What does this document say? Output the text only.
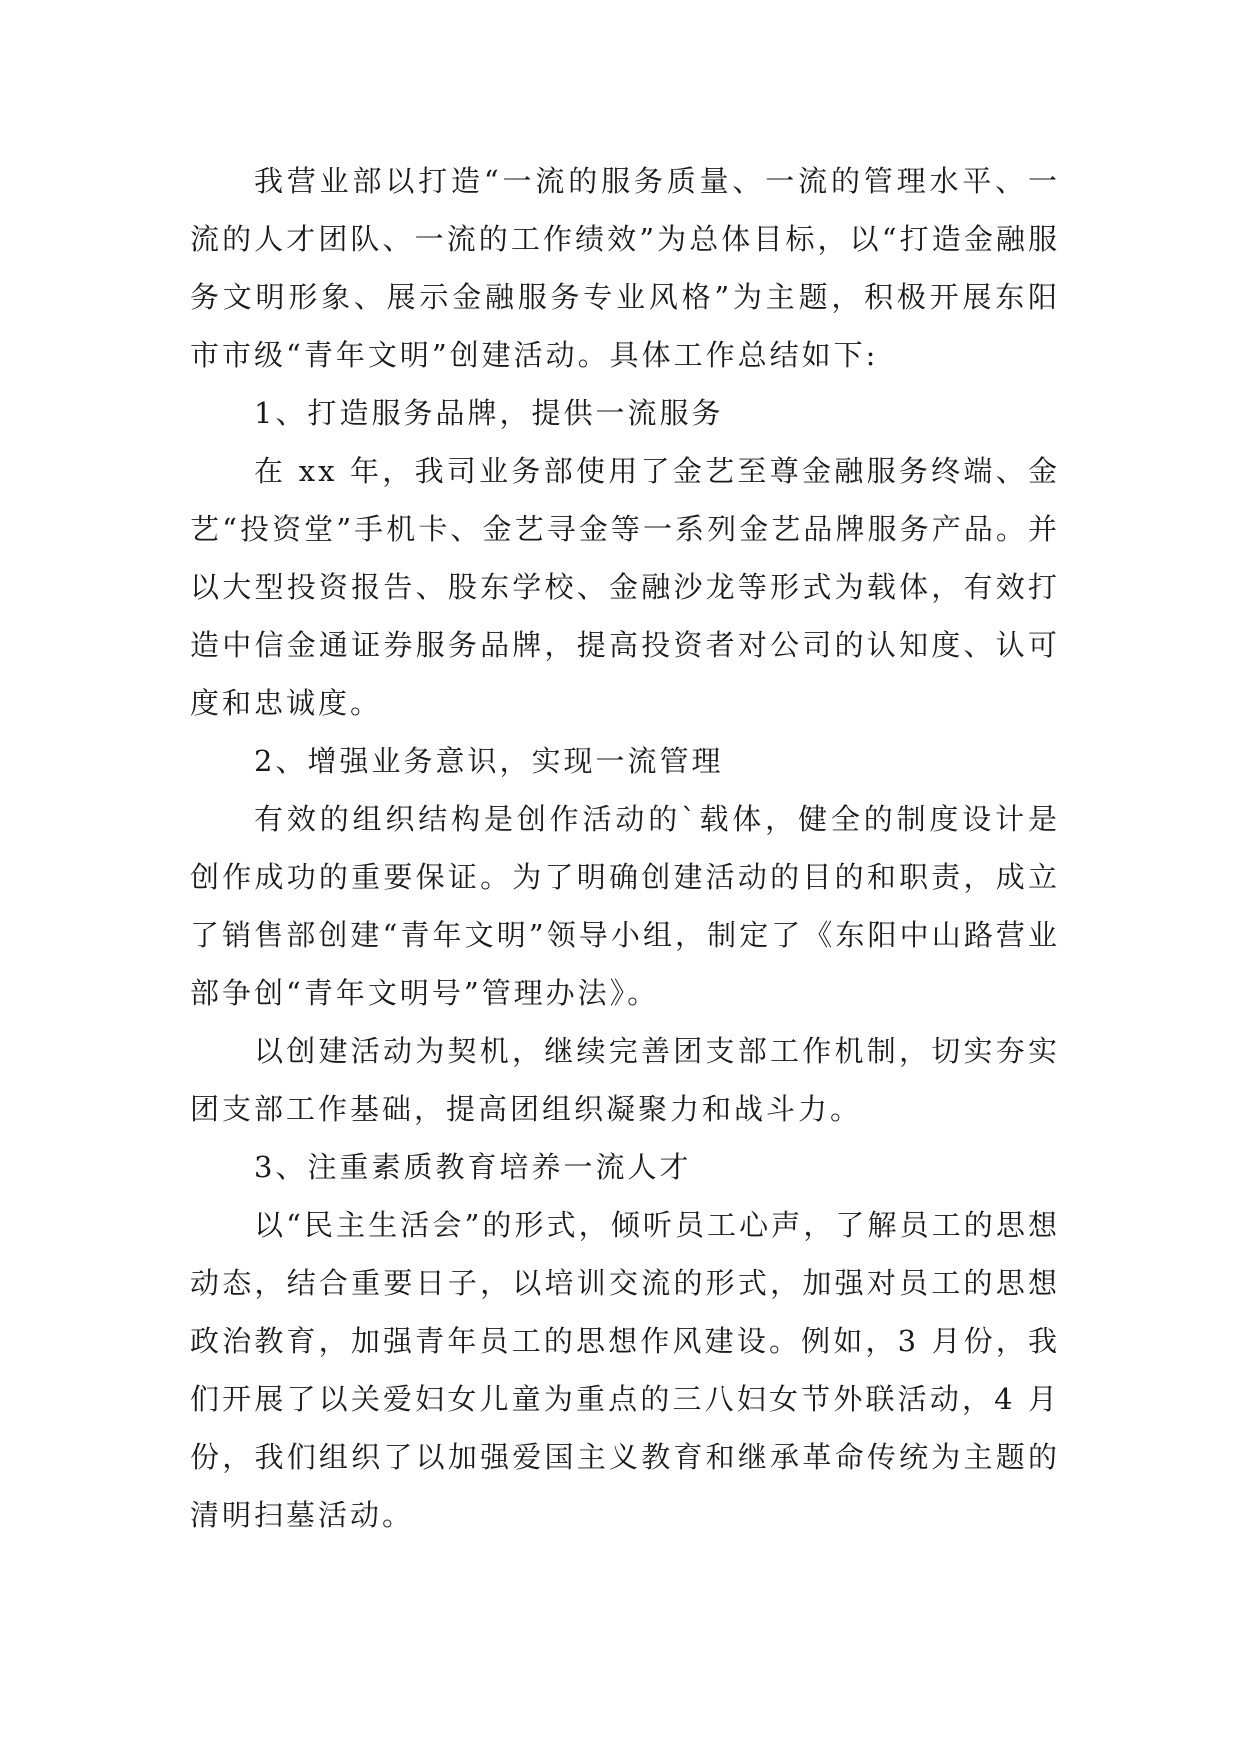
我营业部以打造“一流的服务质量、一流的管理水平、一流的人才团队、一流的工作绩效”为总体目标，以“打造金融服务文明形象、展示金融服务专业风格”为主题，积极开展东阳市市级“青年文明”创建活动。具体工作总结如下:

1、打造服务品牌，提供一流服务

在 xx 年，我司业务部使用了金艺至尊金融服务终端、金艺“投资堂”手机卡、金艺寻金等一系列金艺品牌服务产品。并以大型投资报告、股东学校、金融沙龙等形式为载体，有效打造中信金通证券服务品牌，提高投资者对公司的认知度、认可度和忠诚度。

2、增强业务意识，实现一流管理

有效的组织结构是创作活动的`载体，健全的制度设计是创作成功的重要保证。为了明确创建活动的目的和职责，成立了销售部创建“青年文明”领导小组，制定了《东阳中山路营业部争创“青年文明号”管理办法》。

以创建活动为契机，继续完善团支部工作机制，切实夯实团支部工作基础，提高团组织凝聚力和战斗力。

3、注重素质教育培养一流人才

以“民主生活会”的形式，倾听员工心声，了解员工的思想动态，结合重要日子，以培训交流的形式，加强对员工的思想政治教育，加强青年员工的思想作风建设。例如，3 月份，我们开展了以关爱妇女儿童为重点的三八妇女节外联活动，4 月份，我们组织了以加强爱国主义教育和继承革命传统为主题的清明扫墓活动。
